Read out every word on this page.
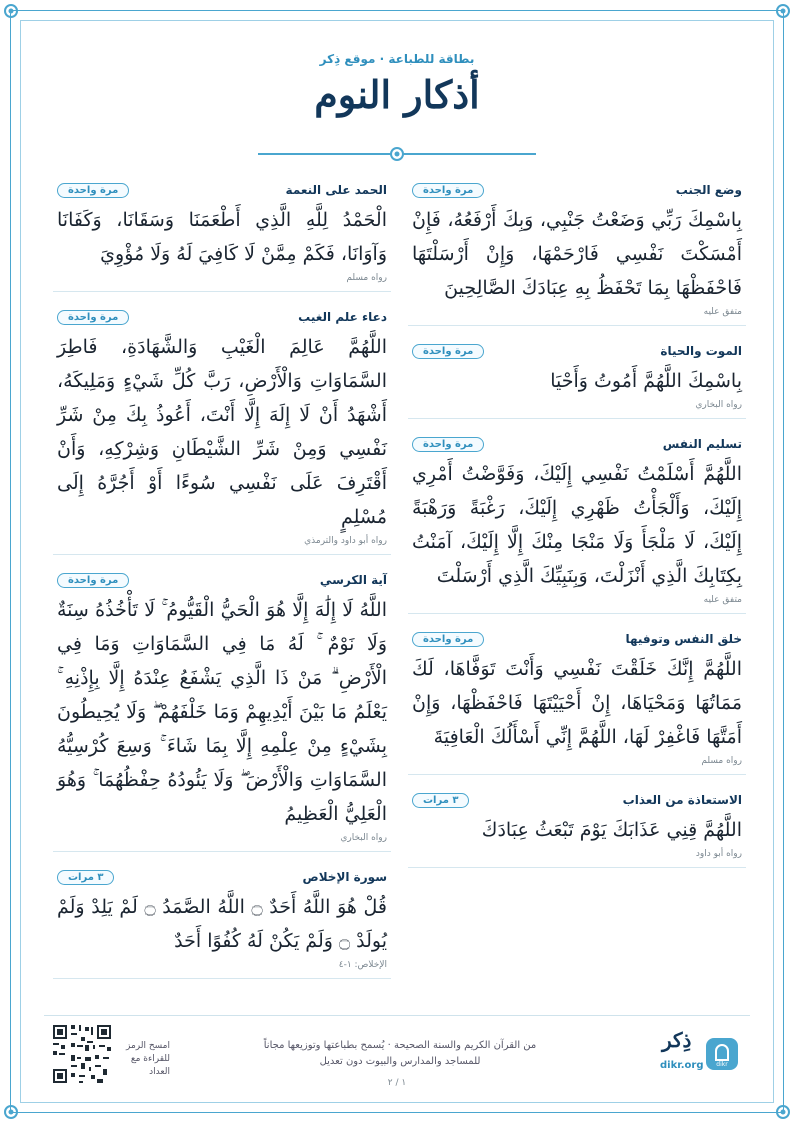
بطاقة للطباعة · موقع ذِكر
أذكار النوم
وضع الجنب
مرة واحدة
بِاسْمِكَ رَبِّي وَضَعْتُ جَنْبِي، وَبِكَ أَرْفَعُهُ، فَإِنْ أَمْسَكْتَ نَفْسِي فَارْحَمْهَا، وَإِنْ أَرْسَلْتَهَا فَاحْفَظْهَا بِمَا تَحْفَظُ بِهِ عِبَادَكَ الصَّالِحِينَ
متفق عليه
الموت والحياة
مرة واحدة
بِاسْمِكَ اللَّهُمَّ أَمُوتُ وَأَحْيَا
رواه البخاري
تسليم النفس
مرة واحدة
اللَّهُمَّ أَسْلَمْتُ نَفْسِي إِلَيْكَ، وَفَوَّضْتُ أَمْرِي إِلَيْكَ، وَأَلْجَأْتُ ظَهْرِي إِلَيْكَ، رَغْبَةً وَرَهْبَةً إِلَيْكَ، لَا مَلْجَأَ وَلَا مَنْجَا مِنْكَ إِلَّا إِلَيْكَ، آمَنْتُ بِكِتَابِكَ الَّذِي أَنْزَلْتَ، وَبِنَبِيِّكَ الَّذِي أَرْسَلْتَ
متفق عليه
خلق النفس وتوفيها
مرة واحدة
اللَّهُمَّ إِنَّكَ خَلَقْتَ نَفْسِي وَأَنْتَ تَوَفَّاهَا، لَكَ مَمَاتُهَا وَمَحْيَاهَا، إِنْ أَحْيَيْتَهَا فَاحْفَظْهَا، وَإِنْ أَمَتَّهَا فَاغْفِرْ لَهَا، اللَّهُمَّ إِنِّي أَسْأَلُكَ الْعَافِيَةَ
رواه مسلم
الاستعاذة من العذاب
٣ مرات
اللَّهُمَّ قِنِي عَذَابَكَ يَوْمَ تَبْعَثُ عِبَادَكَ
رواه أبو داود
الحمد على النعمة
مرة واحدة
الْحَمْدُ لِلَّهِ الَّذِي أَطْعَمَنَا وَسَقَانَا، وَكَفَانَا وَآوَانَا، فَكَمْ مِمَّنْ لَا كَافِيَ لَهُ وَلَا مُؤْوِيَ
رواه مسلم
دعاء علم الغيب
مرة واحدة
اللَّهُمَّ عَالِمَ الْغَيْبِ وَالشَّهَادَةِ، فَاطِرَ السَّمَاوَاتِ وَالْأَرْضِ، رَبَّ كُلِّ شَيْءٍ وَمَلِيكَهُ، أَشْهَدُ أَنْ لَا إِلَهَ إِلَّا أَنْتَ، أَعُوذُ بِكَ مِنْ شَرِّ نَفْسِي وَمِنْ شَرِّ الشَّيْطَانِ وَشِرْكِهِ، وَأَنْ أَقْتَرِفَ عَلَى نَفْسِي سُوءًا أَوْ أَجُرَّهُ إِلَى مُسْلِمٍ
رواه أبو داود والترمذي
آية الكرسي
مرة واحدة
اللَّهُ لَا إِلَٰهَ إِلَّا هُوَ الْحَيُّ الْقَيُّومُ ۚ لَا تَأْخُذُهُ سِنَةٌ وَلَا نَوْمٌ ۚ لَهُ مَا فِي السَّمَاوَاتِ وَمَا فِي الْأَرْضِ ۗ مَنْ ذَا الَّذِي يَشْفَعُ عِنْدَهُ إِلَّا بِإِذْنِهِ ۚ يَعْلَمُ مَا بَيْنَ أَيْدِيهِمْ وَمَا خَلْفَهُمْ ۖ وَلَا يُحِيطُونَ بِشَيْءٍ مِنْ عِلْمِهِ إِلَّا بِمَا شَاءَ ۚ وَسِعَ كُرْسِيُّهُ السَّمَاوَاتِ وَالْأَرْضَ ۖ وَلَا يَئُودُهُ حِفْظُهُمَا ۚ وَهُوَ الْعَلِيُّ الْعَظِيمُ
رواه البخاري
سورة الإخلاص
٣ مرات
قُلْ هُوَ اللَّهُ أَحَدٌ ۝ اللَّهُ الصَّمَدُ ۝ لَمْ يَلِدْ وَلَمْ يُولَدْ ۝ وَلَمْ يَكُنْ لَهُ كُفُوًا أَحَدٌ
الإخلاص: ١-٤
امسح الرمز
للقراءة مع العداد
من القرآن الكريم والسنة الصحيحة · يُسمح بطباعتها وتوزيعها مجاناً
للمساجد والمدارس والبيوت دون تعديل
١ / ٢
ذِكر
dikr.org dikr
